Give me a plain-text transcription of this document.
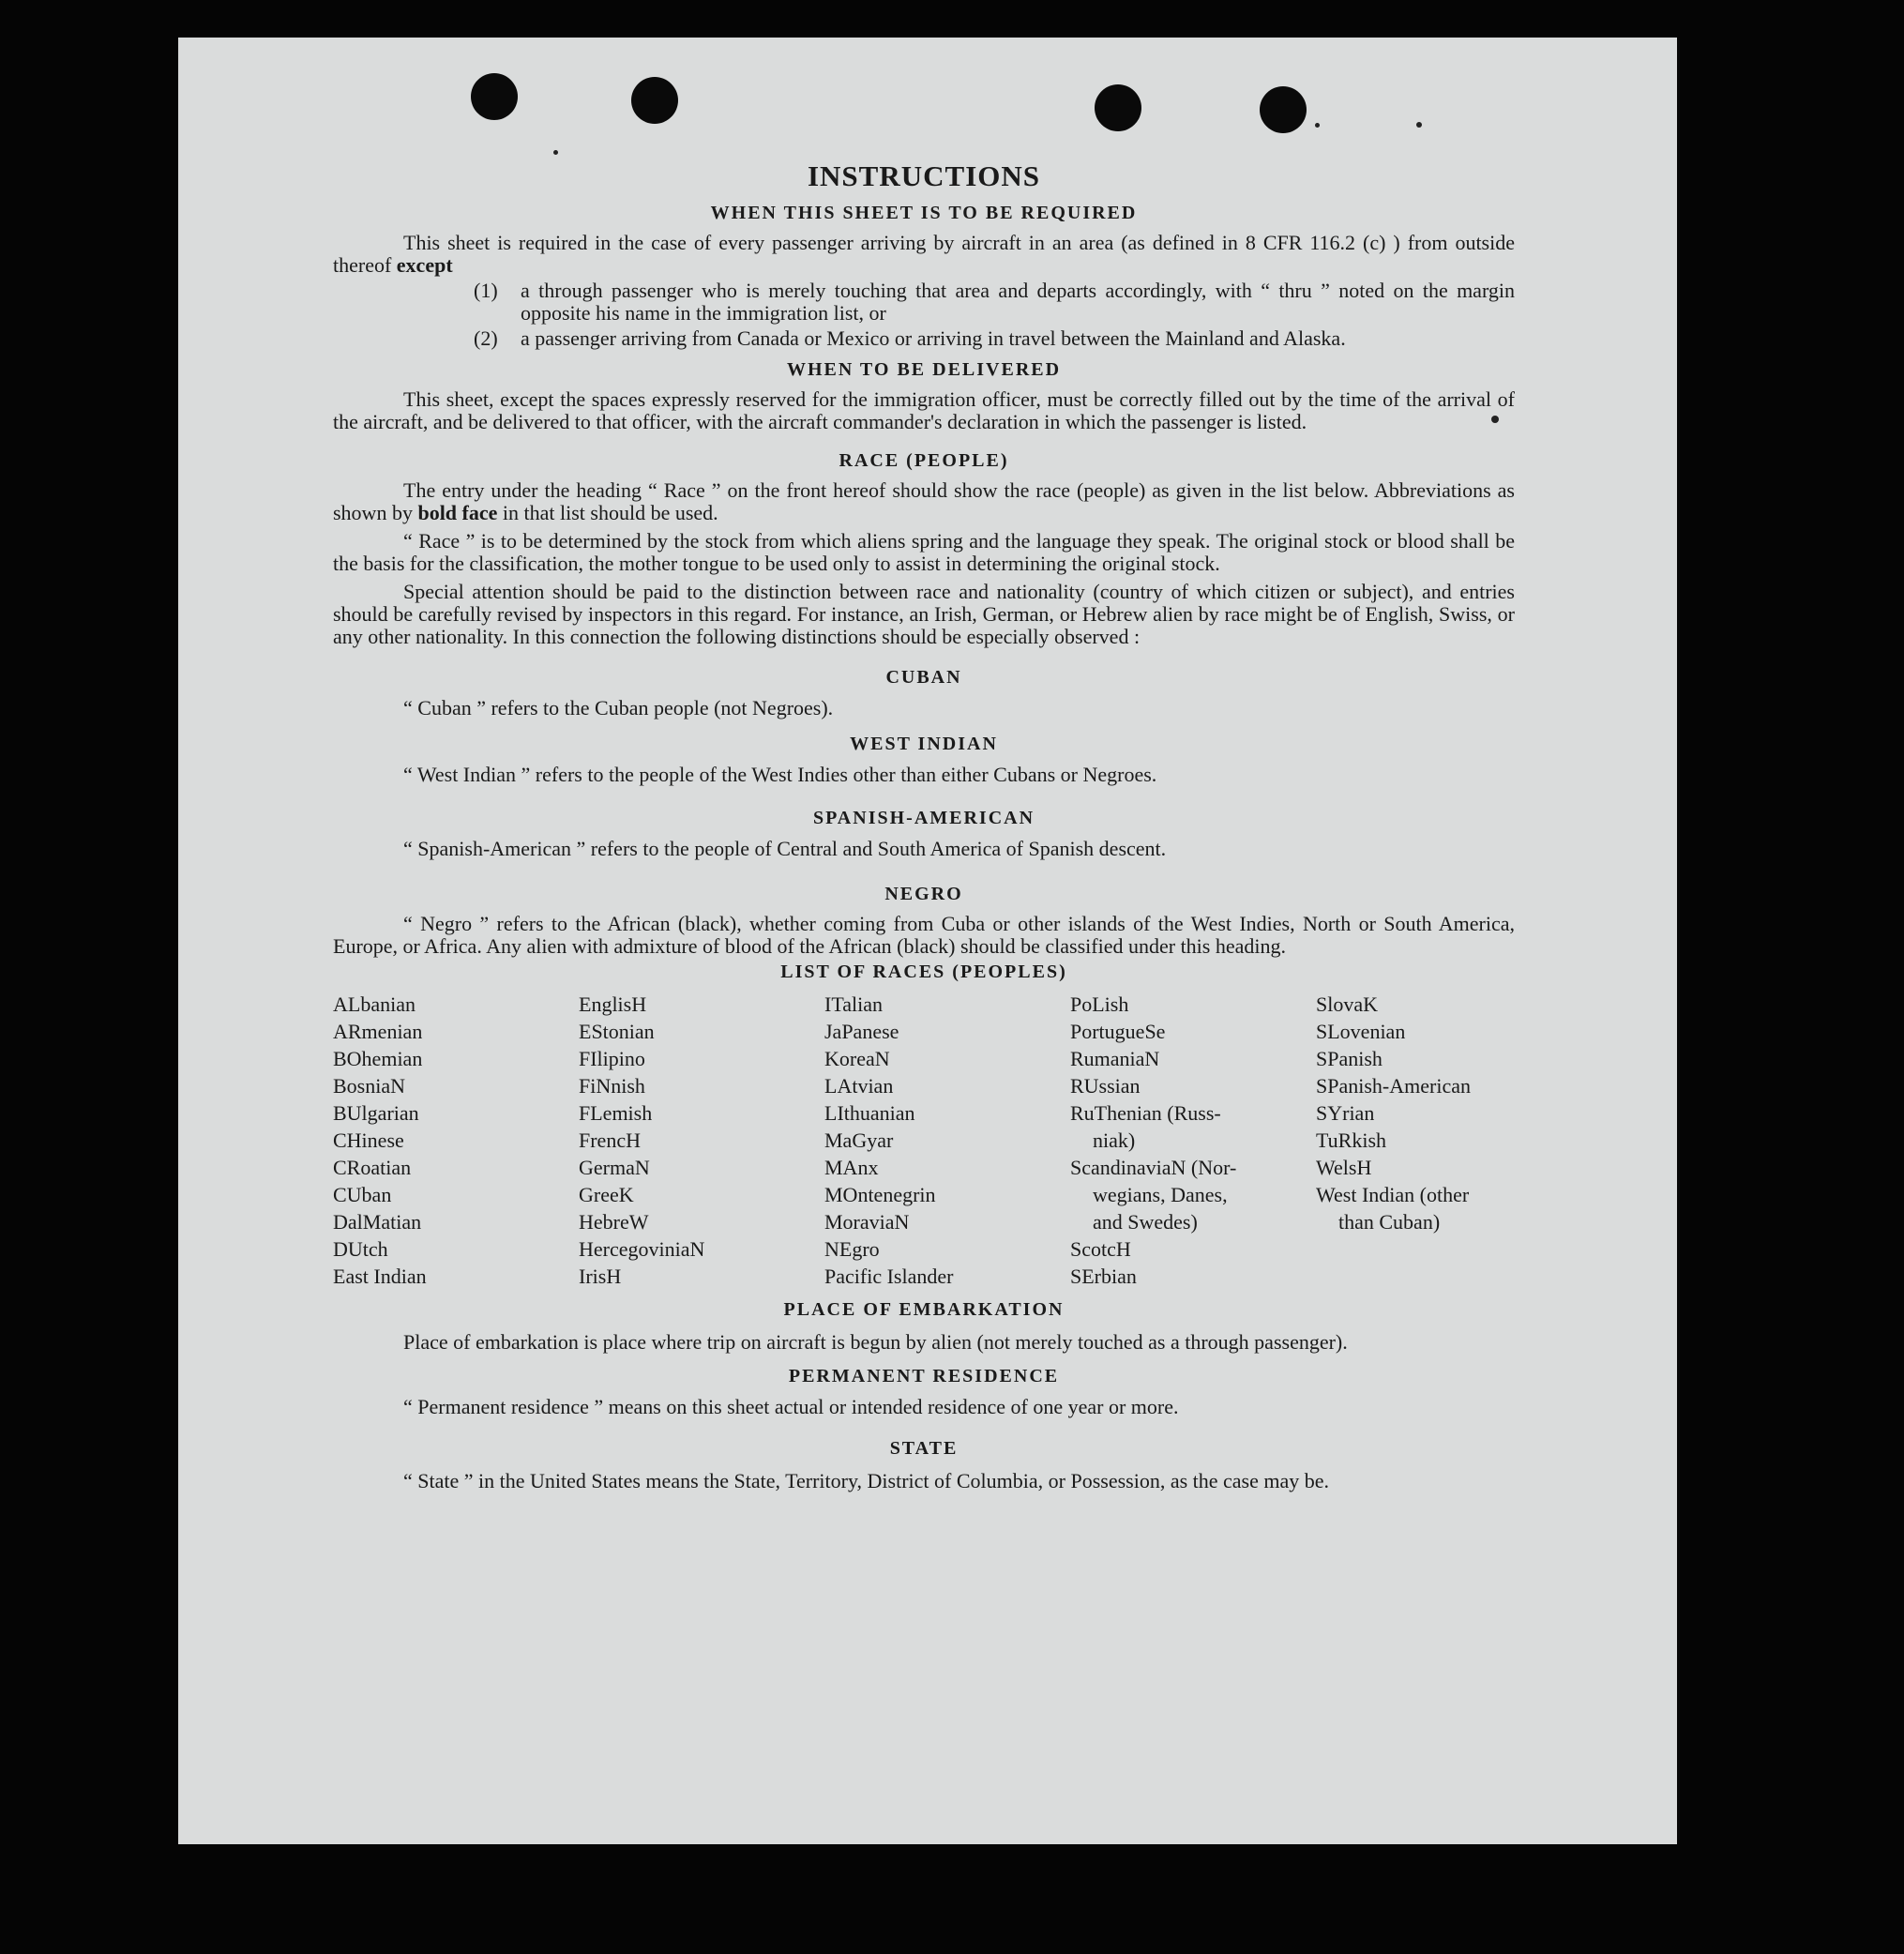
INSTRUCTIONS
WHEN THIS SHEET IS TO BE REQUIRED

This sheet is required in the case of every passenger arriving by aircraft in an area (as defined in 8 CFR 116.2 (c) ) from outside thereof except

(1)	a through passenger who is merely touching that area and departs accordingly, with “ thru ” noted on the margin opposite his name in the immigration list, or
(2)	a passenger arriving from Canada or Mexico or arriving in travel between the Mainland and Alaska.
WHEN TO BE DELIVERED

This sheet, except the spaces expressly reserved for the immigration officer, must be correctly filled out by the time of the arrival of the aircraft, and be delivered to that officer, with the aircraft commander's declaration in which the passenger is listed.

RACE (PEOPLE)

The entry under the heading “ Race ” on the front hereof should show the race (people) as given in the list below. Abbreviations as shown by bold face in that list should be used.

“ Race ” is to be determined by the stock from which aliens spring and the language they speak. The original stock or blood shall be the basis for the classification, the mother tongue to be used only to assist in determining the original stock.

Special attention should be paid to the distinction between race and nationality (country of which citizen or subject), and entries should be carefully revised by inspectors in this regard. For instance, an Irish, German, or Hebrew alien by race might be of English, Swiss, or any other nationality. In this connection the following distinctions should be especially observed :

CUBAN
“ Cuban ” refers to the Cuban people (not Negroes).
WEST INDIAN
“ West Indian ” refers to the people of the West Indies other than either Cubans or Negroes.
SPANISH-AMERICAN
“ Spanish-American ” refers to the people of Central and South America of Spanish descent.
NEGRO

“ Negro ” refers to the African (black), whether coming from Cuba or other islands of the West Indies, North or South America, Europe, or Africa. Any alien with admixture of blood of the African (black) should be classified under this heading.

LIST OF RACES (PEOPLES)
ALbanian
ARmenian
BOhemian
BosniaN
BUlgarian
CHinese
CRoatian
CUban
DalMatian
DUtch
East Indian
EnglisH
EStonian
FIlipino
FiNnish
FLemish
FrencH
GermaN
GreeK
HebreW
HercegoviniaN
IrisH
ITalian
JaPanese
KoreaN
LAtvian
LIthuanian
MaGyar
MAnx
MOntenegrin
MoraviaN
NEgro
Pacific Islander
PoLish
PortugueSe
RumaniaN
RUssian
RuThenian (Russ-
niak)
ScandinaviaN (Nor-
wegians, Danes,
and Swedes)
ScotcH
SErbian
SlovaK
SLovenian
SPanish
SPanish-American
SYrian
TuRkish
WelsH
West Indian (other
than Cuban)
PLACE OF EMBARKATION

Place of embarkation is place where trip on aircraft is begun by alien (not merely touched as a through passenger).

PERMANENT RESIDENCE
“ Permanent residence ” means on this sheet actual or intended residence of one year or more.
STATE

“ State ” in the United States means the State, Territory, District of Columbia, or Possession, as the case may be.
